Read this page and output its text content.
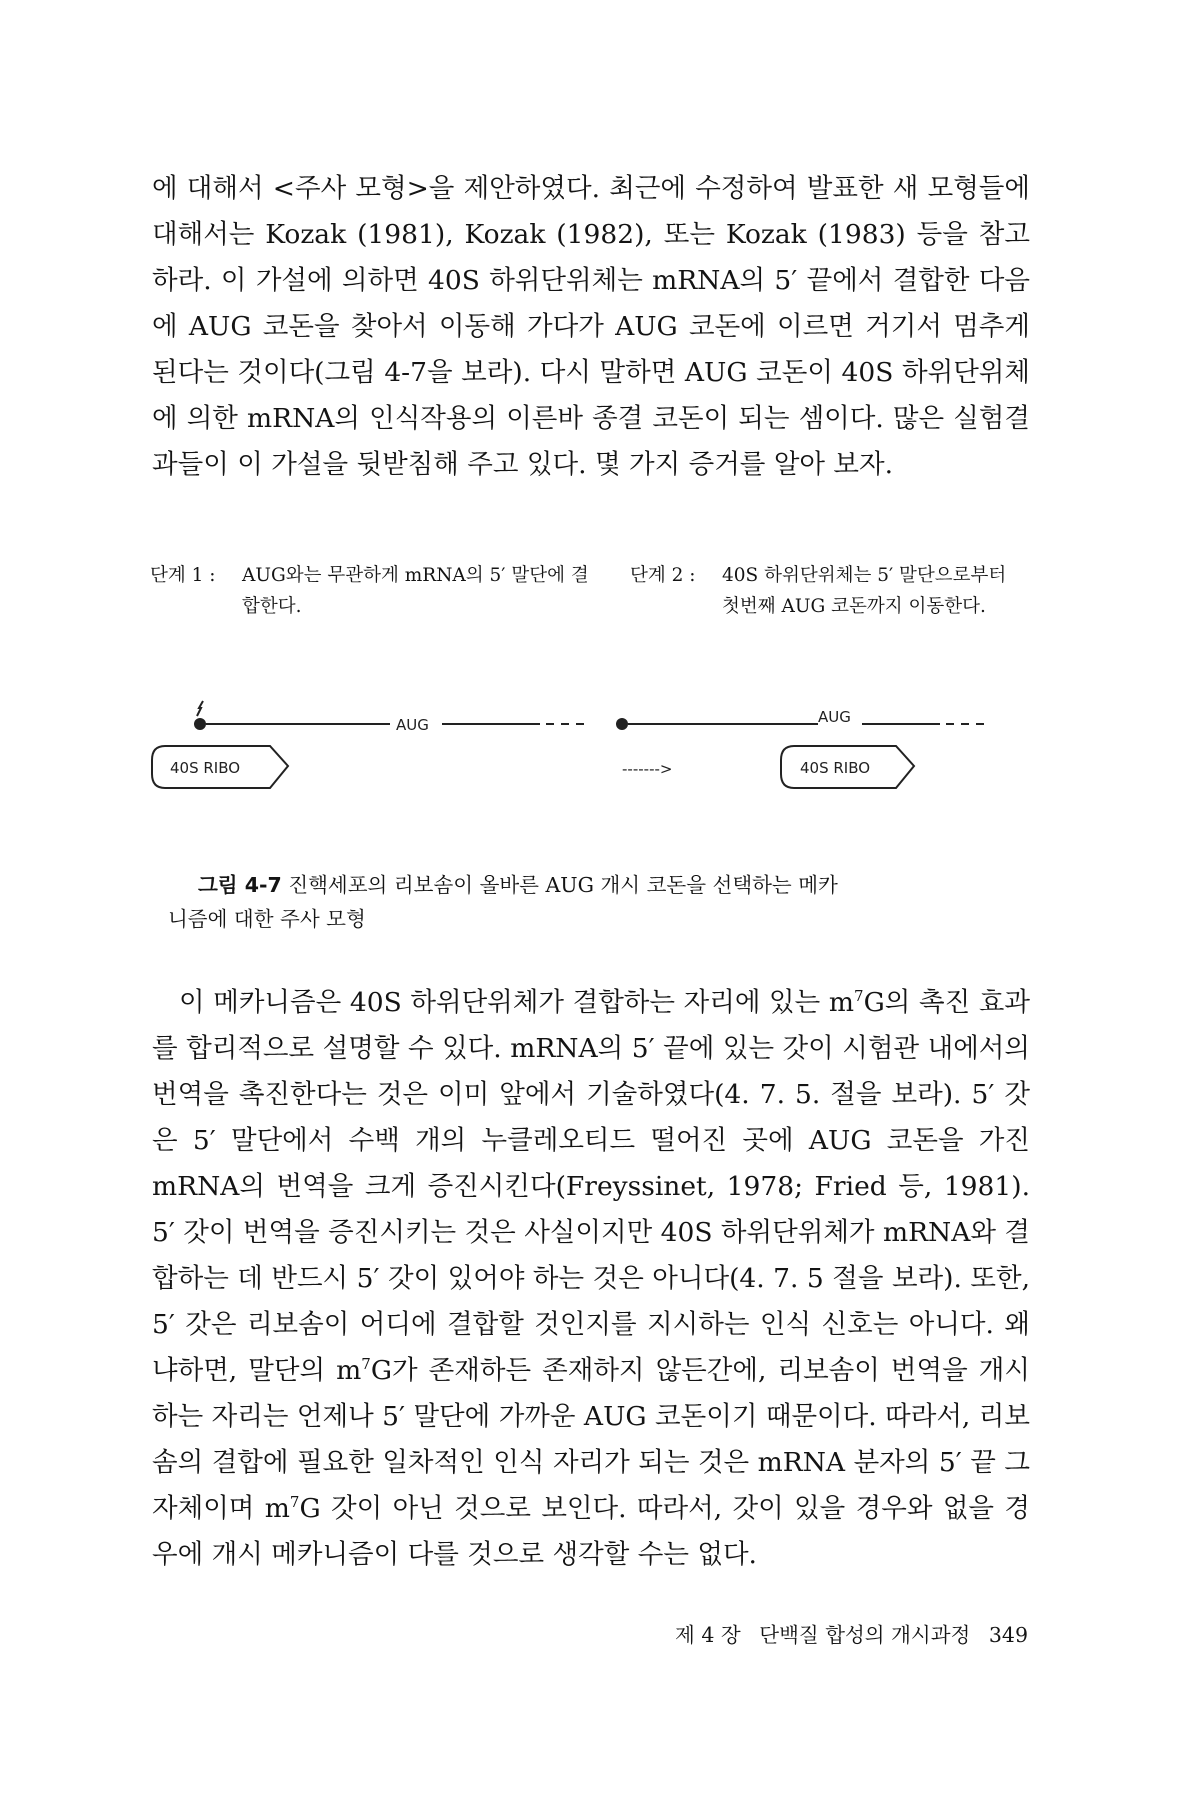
에 대해서 <주사 모형>을 제안하였다. 최근에 수정하여 발표한 새 모형들에 대해서는 Kozak (1981), Kozak (1982), 또는 Kozak (1983) 등을 참고하라. 이 가설에 의하면 40S 하위단위체는 mRNA의 5′ 끝에서 결합한 다음에 AUG 코돈을 찾아서 이동해 가다가 AUG 코돈에 이르면 거기서 멈추게 된다는 것이다(그림 4-7을 보라). 다시 말하면 AUG 코돈이 40S 하위단위체에 의한 mRNA의 인식작용의 이른바 종결 코돈이 되는 셈이다. 많은 실험결과들이 이 가설을 뒷받침해 주고 있다. 몇 가지 증거를 알아 보자.

단계 1 : AUG와는 무관하게 mRNA의 5′ 말단에 결합한다.
단계 2 : 40S 하위단위체는 5′ 말단으로부터 첫번째 AUG 코돈까지 이동한다.
AUG
40S RIBO
AUG
------->	40S RIBO

그림 4-7 진핵세포의 리보솜이 올바른 AUG 개시 코돈을 선택하는 메카
니즘에 대한 주사 모형

이 메카니즘은 40S 하위단위체가 결합하는 자리에 있는 $m^7G$의 촉진 효과를 합리적으로 설명할 수 있다. mRNA의 5′ 끝에 있는 갓이 시험관 내에서의 번역을 촉진한다는 것은 이미 앞에서 기술하였다(4. 7. 5. 절을 보라). 5′ 갓은 5′ 말단에서 수백 개의 누클레오티드 떨어진 곳에 AUG 코돈을 가진 mRNA의 번역을 크게 증진시킨다(Freyssinet, 1978; Fried 등, 1981). 5′ 갓이 번역을 증진시키는 것은 사실이지만 40S 하위단위체가 mRNA와 결합하는 데 반드시 5′ 갓이 있어야 하는 것은 아니다(4. 7. 5 절을 보라). 또한, 5′ 갓은 리보솜이 어디에 결합할 것인지를 지시하는 인식 신호는 아니다. 왜냐하면, 말단의 $m^7G$가 존재하든 존재하지 않든간에, 리보솜이 번역을 개시하는 자리는 언제나 5′ 말단에 가까운 AUG 코돈이기 때문이다. 따라서, 리보솜의 결합에 필요한 일차적인 인식 자리가 되는 것은 mRNA 분자의 5′ 끝 그 자체이며 $m^7G$ 갓이 아닌 것으로 보인다. 따라서, 갓이 있을 경우와 없을 경우에 개시 메카니즘이 다를 것으로 생각할 수는 없다.

제 4 장 단백질 합성의 개시과정 349
